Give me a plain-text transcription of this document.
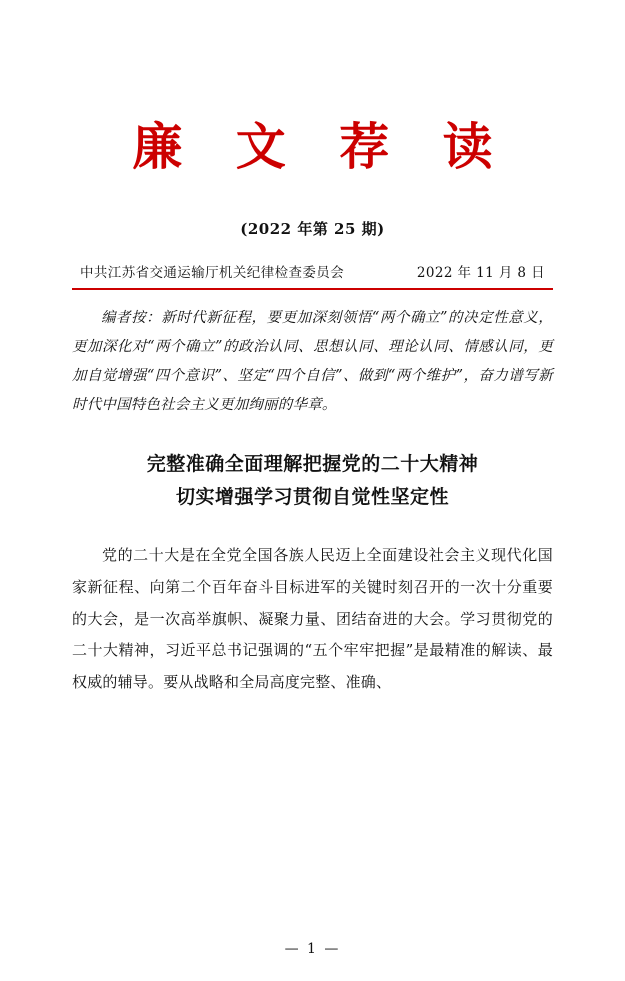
廉 文 荐 读
(2022 年第 25 期)
中共江苏省交通运输厅机关纪律检查委员会	2022 年 11 月 8 日
编者按：新时代新征程，要更加深刻领悟“两个确立”的决定性意义，更加深化对“两个确立”的政治认同、思想认同、理论认同、情感认同，更加自觉增强“四个意识”、坚定“四个自信”、做到“两个维护”，奋力谱写新时代中国特色社会主义更加绚丽的华章。
完整准确全面理解把握党的二十大精神
切实增强学习贯彻自觉性坚定性

党的二十大是在全党全国各族人民迈上全面建设社会主义现代化国家新征程、向第二个百年奋斗目标进军的关键时刻召开的一次十分重要的大会，是一次高举旗帜、凝聚力量、团结奋进的大会。学习贯彻党的二十大精神，习近平总书记强调的“五个牢牢把握”是最精准的解读、最权威的辅导。要从战略和全局高度完整、准确、

— 1 —
